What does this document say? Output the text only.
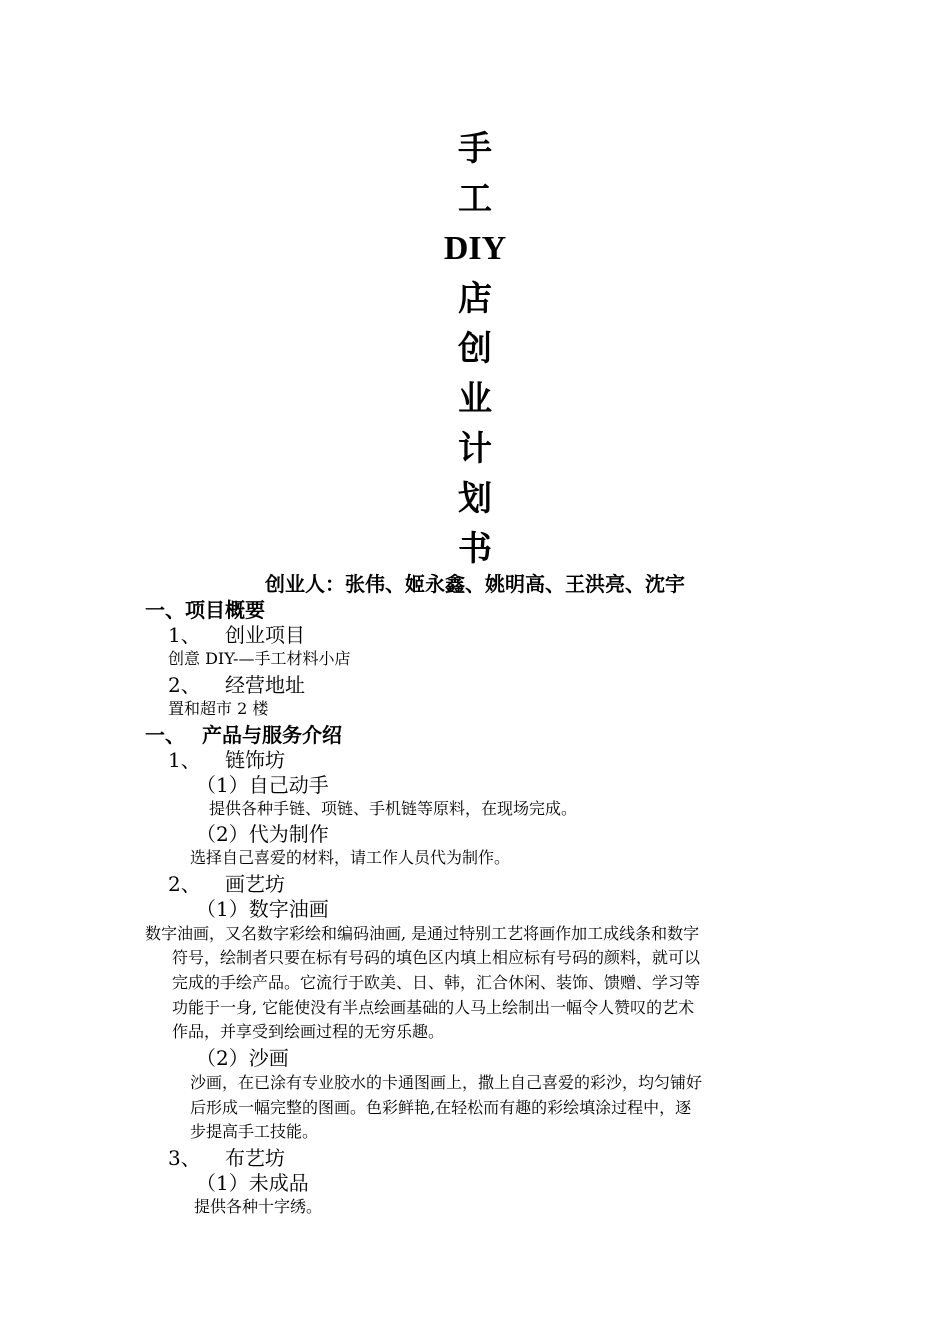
手
工
DIY
店
创
业
计
划
书
创业人：张伟、姬永鑫、姚明高、王洪亮、沈宇
一、项目概要
1、 创业项目
创意 DIY-—手工材料小店
2、 经营地址
置和超市 2 楼
一、 产品与服务介绍
1、 链饰坊
（1）自己动手
提供各种手链、项链、手机链等原料，在现场完成。
（2）代为制作
选择自己喜爱的材料，请工作人员代为制作。
2、 画艺坊
（1）数字油画
数字油画，又名数字彩绘和编码油画, 是通过特别工艺将画作加工成线条和数字
符号，绘制者只要在标有号码的填色区内填上相应标有号码的颜料，就可以
完成的手绘产品。它流行于欧美、日、韩，汇合休闲、装饰、馈赠、学习等
功能于一身, 它能使没有半点绘画基础的人马上绘制出一幅令人赞叹的艺术
作品，并享受到绘画过程的无穷乐趣。
（2）沙画
沙画，在已涂有专业胶水的卡通图画上，撒上自己喜爱的彩沙，均匀铺好
后形成一幅完整的图画。色彩鲜艳,在轻松而有趣的彩绘填涂过程中，逐
步提高手工技能。
3、 布艺坊
（1）未成品
提供各种十字绣。
